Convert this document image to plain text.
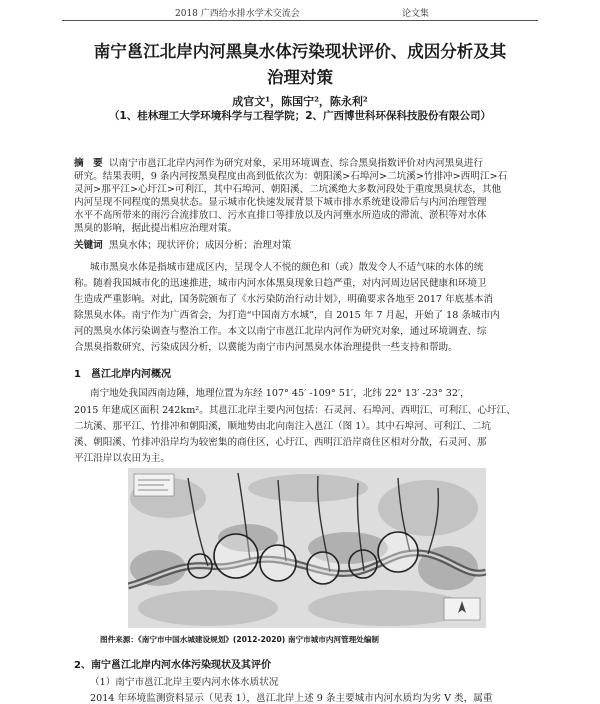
2018 广西给水排水学术交流会	论文集
南宁邕江北岸内河黑臭水体污染现状评价、成因分析及其
治理对策
成官文¹，陈国宁²，陈永利²
（1、桂林理工大学环境科学与工程学院；2、广西博世科环保科技股份有限公司）
摘　要 以南宁市邕江北岸内河作为研究对象，采用环境调查、综合黑臭指数评价对内河黑臭进行
研究。结果表明，9 条内河按黑臭程度由高到低依次为：朝阳溪>石埠河>二坑溪>竹排冲>西明江>石
灵河>那平江>心圩江>可利江，其中石埠河、朝阳溪、二坑溪绝大多数河段处于重度黑臭状态，其他
内河呈现不同程度的黑臭状态。显示城市化快速发展背景下城市排水系统建设滞后与内河治理管理
水平不高所带来的雨污合流排放口、污水直排口等排放以及内河壅水所造成的滞流、淤积等对水体
黑臭的影响，据此提出相应治理对策。
关键词 黑臭水体；现状评价；成因分析；治理对策
城市黑臭水体是指城市建成区内，呈现令人不悦的颜色和（或）散发令人不适气味的水体的统
称。随着我国城市化的迅速推进，城市内河水体黑臭现象日趋严重，对内河周边居民健康和环境卫
生造成严重影响。对此，国务院颁布了《水污染防治行动计划》，明确要求各地至 2017 年底基本消
除黑臭水体。南宁作为广西省会，为打造“中国南方水城”，自 2015 年 7 月起，开始了 18 条城市内
河的黑臭水体污染调查与整治工作。本文以南宁市邕江北岸内河作为研究对象，通过环境调查、综
合黑臭指数研究、污染成因分析，以冀能为南宁市内河黑臭水体治理提供一些支持和帮助。
1　邕江北岸内河概况
南宁地处我国西南边陲，地理位置为东经 107° 45′ -109° 51′，北纬 22° 13′ -23° 32′，
2015 年建成区面积 242km²。其邕江北岸主要内河包括：石灵河、石埠河、西明江、可利江、心圩江、
二坑溪、那平江、竹排冲和朝阳溪，顺地势由北向南注入邕江（图 1）。其中石埠河、可利江、二坑
溪、朝阳溪、竹排冲沿岸均为较密集的商住区，心圩江、西明江沿岸商住区相对分散，石灵河、那
平江沿岸以农田为主。
图件来源：《南宁市中国水城建设规划》(2012-2020) 南宁市城市内河管理处编制
2、南宁邕江北岸内河水体污染现状及其评价
（1）南宁市邕江北岸主要内河水体水质状况
2014 年环境监测资料显示（见表 1），邕江北岸上述 9 条主要城市内河水质均为劣 V 类，属重
